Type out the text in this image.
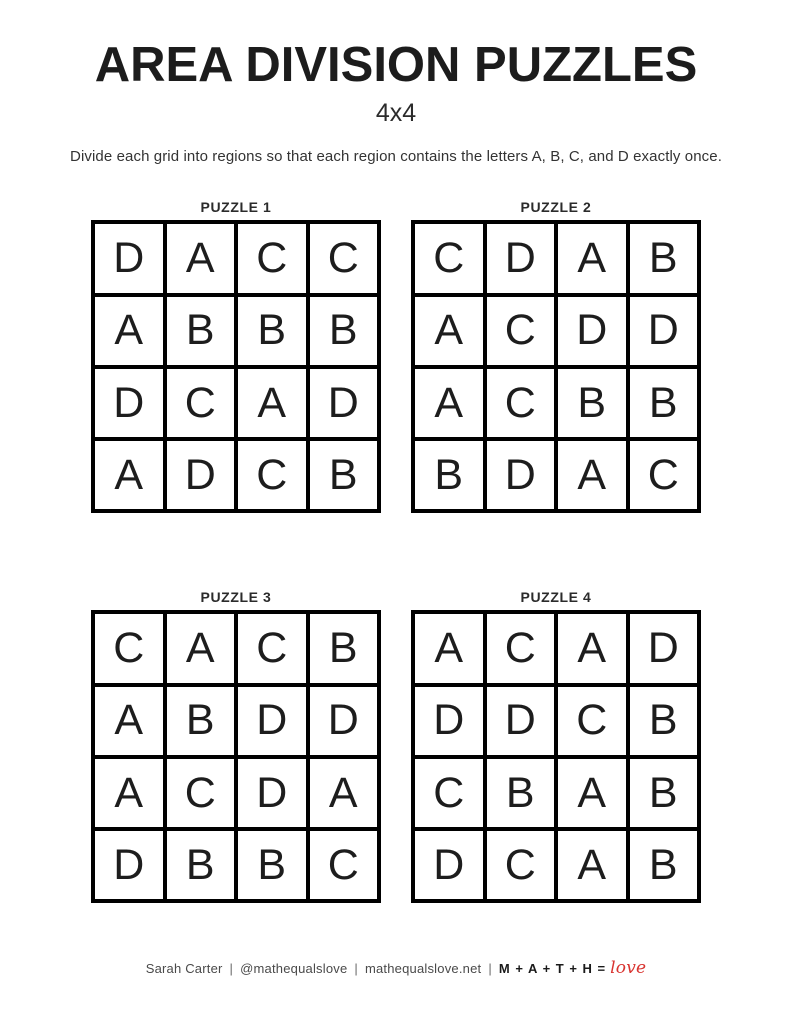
AREA DIVISION PUZZLES
4x4
Divide each grid into regions so that each region contains the letters A, B, C, and D exactly once.
PUZZLE 1
D A C C
A B B B
D C A D
A D C B
PUZZLE 2
C D A B
A C D D
A C B B
B D A C
PUZZLE 3
C A C B
A B D D
A C D A
D B B C
PUZZLE 4
A C A D
D D C B
C B A B
D C A B
Sarah Carter | @mathequalslove | mathequalslove.net | M + A + T + H = love
